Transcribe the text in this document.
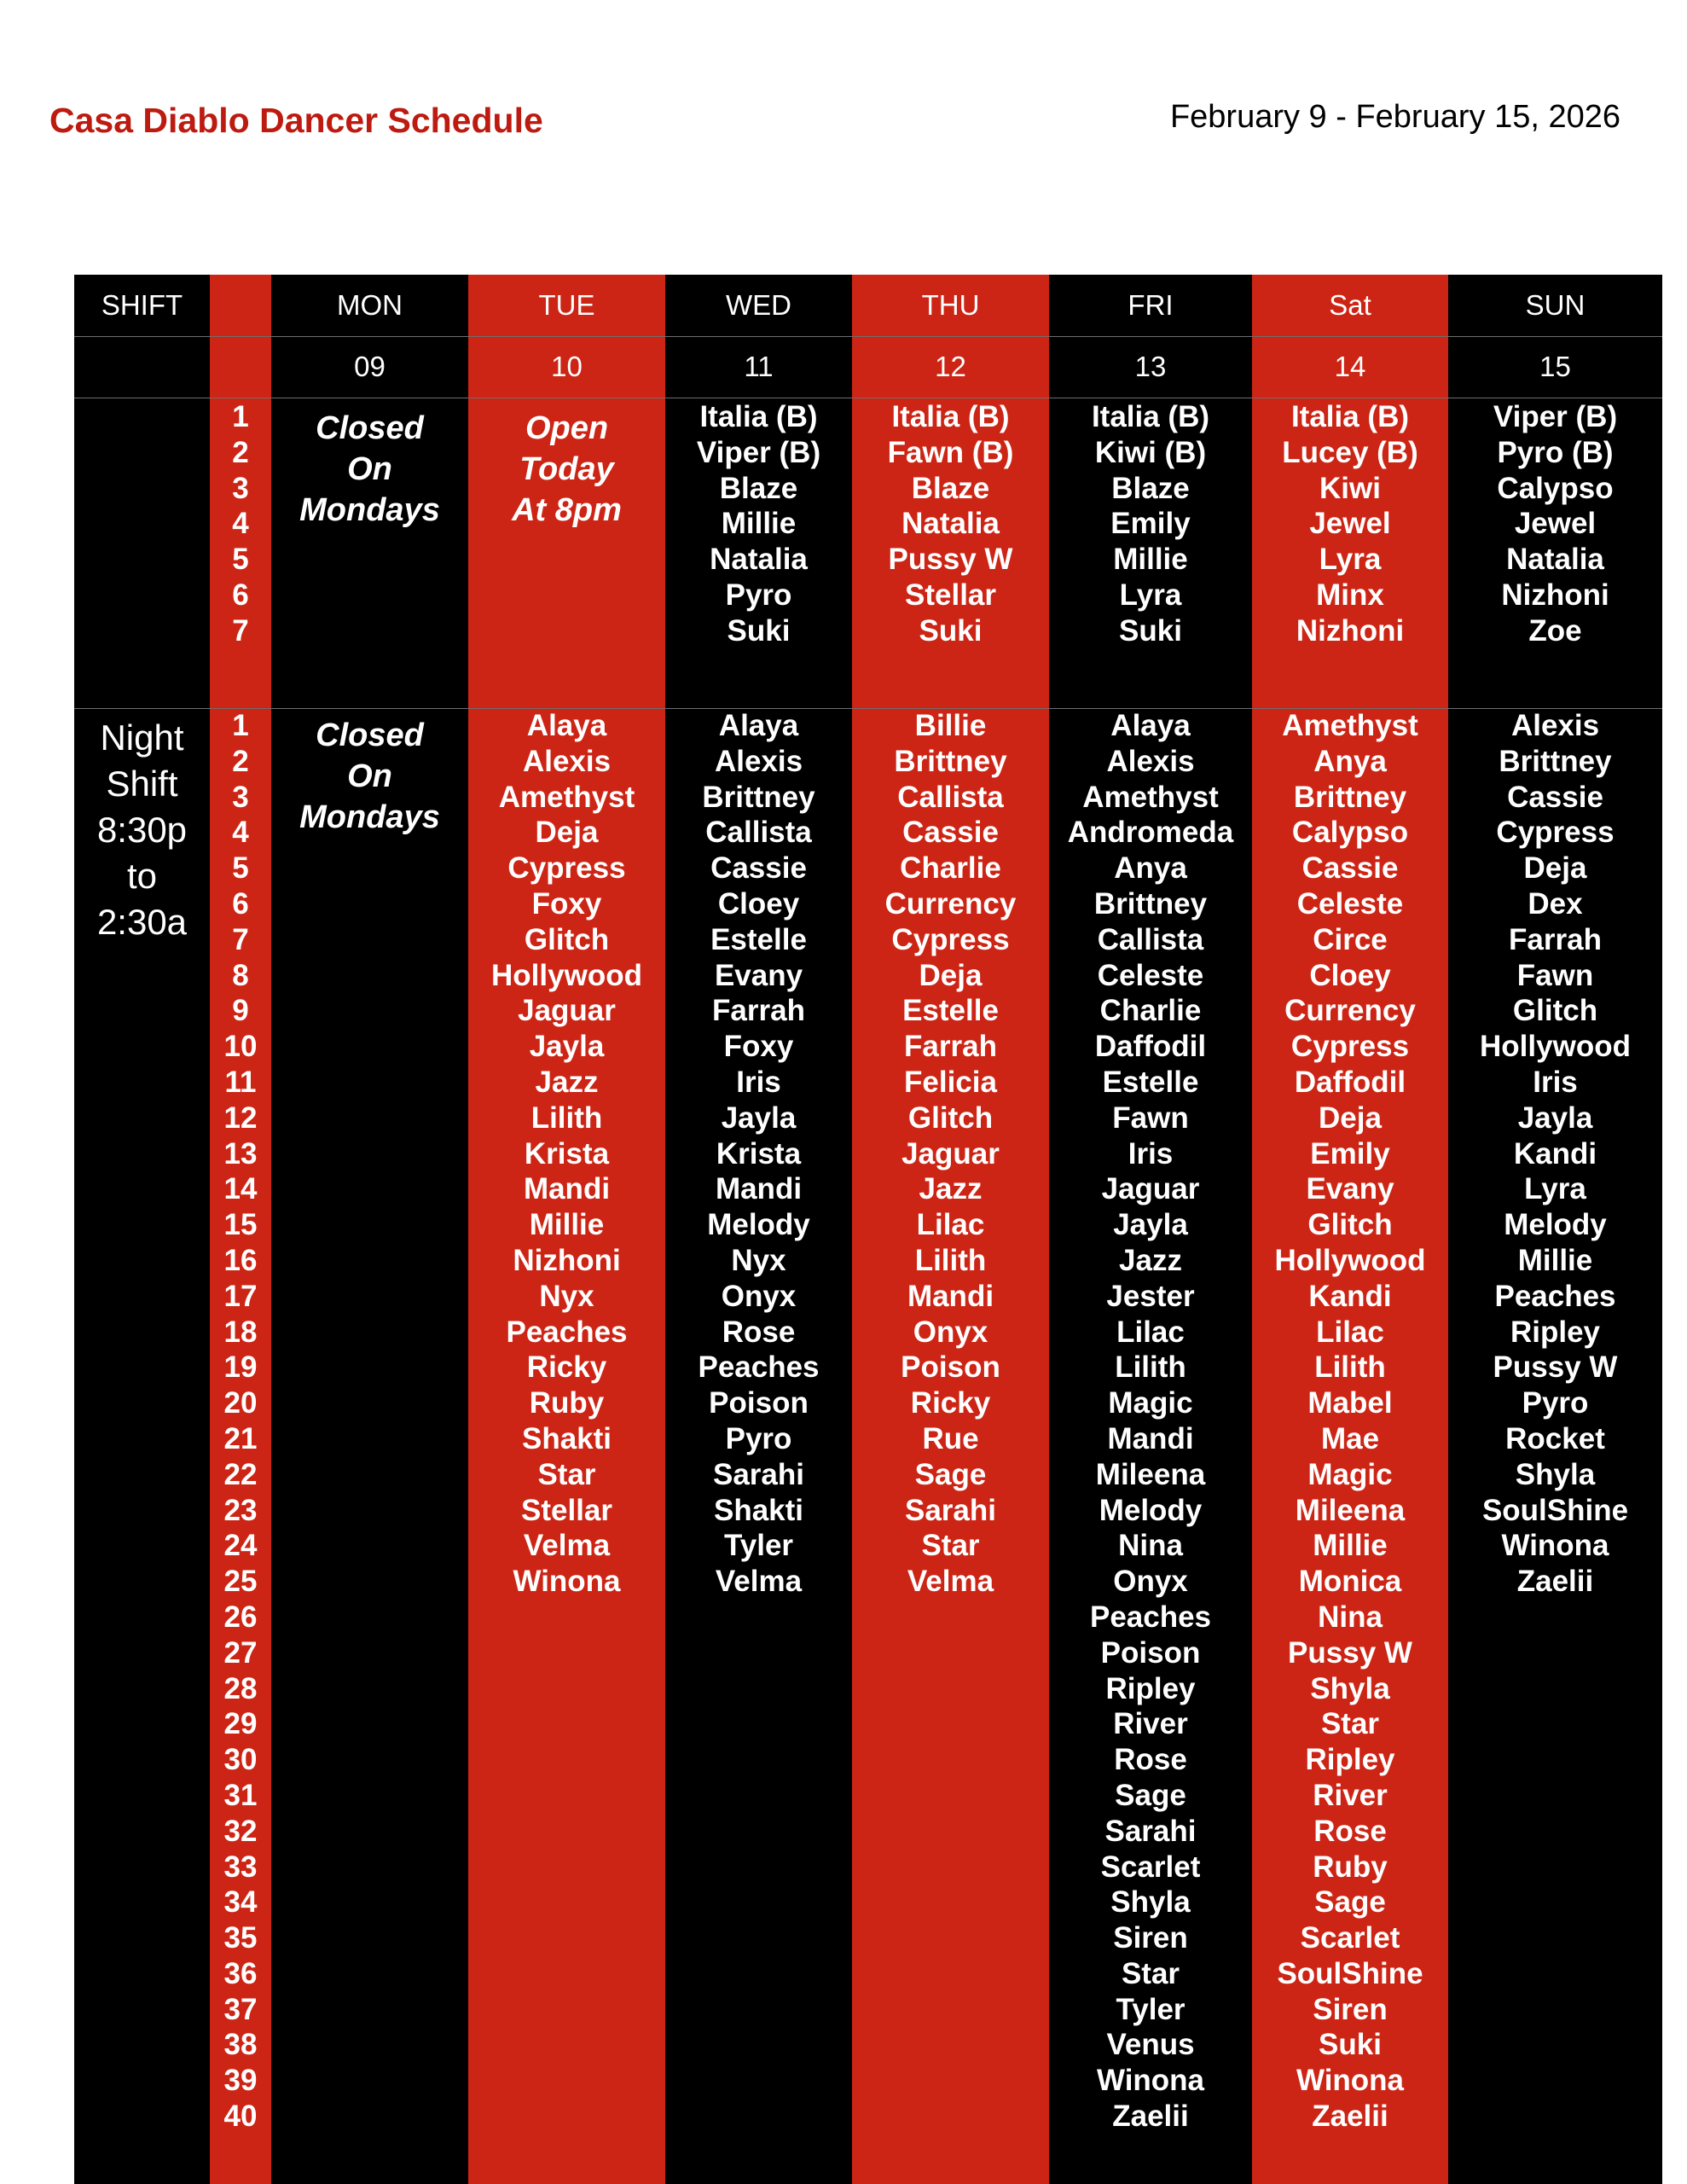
Casa Diablo Dancer Schedule	February 9 - February 15, 2026
SHIFT
Night
Shift
8:30p
to
2:30a
1
2
3
4
5
6
7
1
2
3
4
5
6
7
8
9
10
11
12
13
14
15
16
17
18
19
20
21
22
23
24
25
26
27
28
29
30
31
32
33
34
35
36
37
38
39
40
MON
09
Closed
On
Mondays
Closed
On
Mondays
TUE
10
Open
Today
At 8pm
Alaya
Alexis
Amethyst
Deja
Cypress
Foxy
Glitch
Hollywood
Jaguar
Jayla
Jazz
Lilith
Krista
Mandi
Millie
Nizhoni
Nyx
Peaches
Ricky
Ruby
Shakti
Star
Stellar
Velma
Winona
WED
11
Italia (B)
Viper (B)
Blaze
Millie
Natalia
Pyro
Suki
Alaya
Alexis
Brittney
Callista
Cassie
Cloey
Estelle
Evany
Farrah
Foxy
Iris
Jayla
Krista
Mandi
Melody
Nyx
Onyx
Rose
Peaches
Poison
Pyro
Sarahi
Shakti
Tyler
Velma
THU
12
Italia (B)
Fawn (B)
Blaze
Natalia
Pussy W
Stellar
Suki
Billie
Brittney
Callista
Cassie
Charlie
Currency
Cypress
Deja
Estelle
Farrah
Felicia
Glitch
Jaguar
Jazz
Lilac
Lilith
Mandi
Onyx
Poison
Ricky
Rue
Sage
Sarahi
Star
Velma
FRI
13
Italia (B)
Kiwi (B)
Blaze
Emily
Millie
Lyra
Suki
Alaya
Alexis
Amethyst
Andromeda
Anya
Brittney
Callista
Celeste
Charlie
Daffodil
Estelle
Fawn
Iris
Jaguar
Jayla
Jazz
Jester
Lilac
Lilith
Magic
Mandi
Mileena
Melody
Nina
Onyx
Peaches
Poison
Ripley
River
Rose
Sage
Sarahi
Scarlet
Shyla
Siren
Star
Tyler
Venus
Winona
Zaelii
Sat
14
Italia (B)
Lucey (B)
Kiwi
Jewel
Lyra
Minx
Nizhoni
Amethyst
Anya
Brittney
Calypso
Cassie
Celeste
Circe
Cloey
Currency
Cypress
Daffodil
Deja
Emily
Evany
Glitch
Hollywood
Kandi
Lilac
Lilith
Mabel
Mae
Magic
Mileena
Millie
Monica
Nina
Pussy W
Shyla
Star
Ripley
River
Rose
Ruby
Sage
Scarlet
SoulShine
Siren
Suki
Winona
Zaelii
SUN
15
Viper (B)
Pyro (B)
Calypso
Jewel
Natalia
Nizhoni
Zoe
Alexis
Brittney
Cassie
Cypress
Deja
Dex
Farrah
Fawn
Glitch
Hollywood
Iris
Jayla
Kandi
Lyra
Melody
Millie
Peaches
Ripley
Pussy W
Pyro
Rocket
Shyla
SoulShine
Winona
Zaelii
